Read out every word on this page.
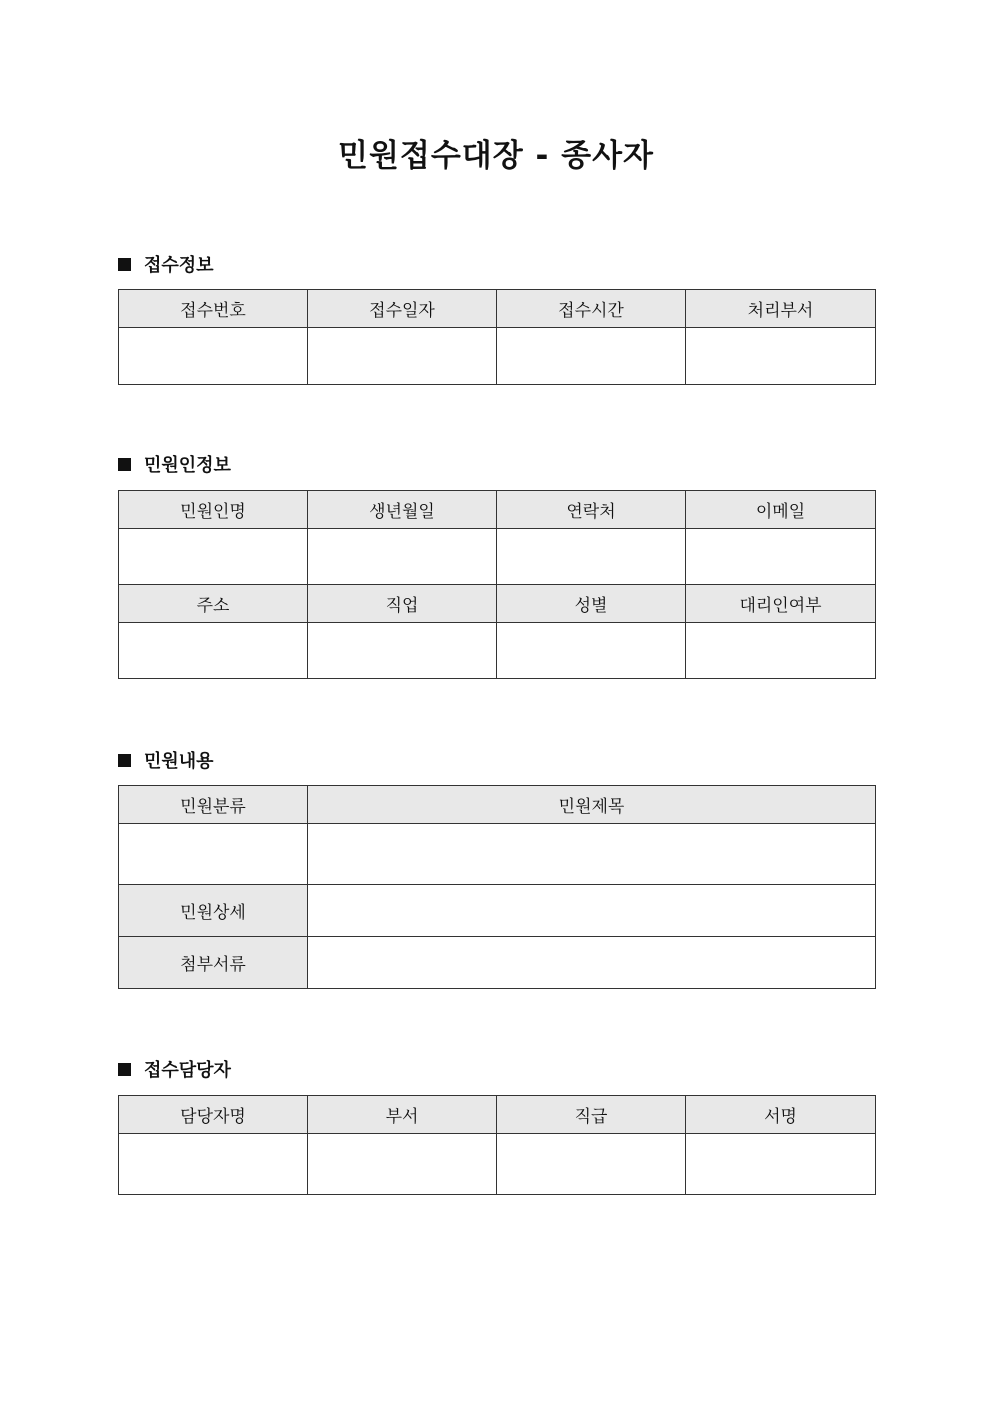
민원접수대장 - 종사자
접수정보
접수번호	접수일자	접수시간	처리부서

민원인정보
민원인명	생년월일	연락처	이메일

주소	직업	성별	대리인여부

민원내용
민원분류	민원제목

민원상세	
첨부서류	
접수담당자
담당자명	부서	직급	서명
